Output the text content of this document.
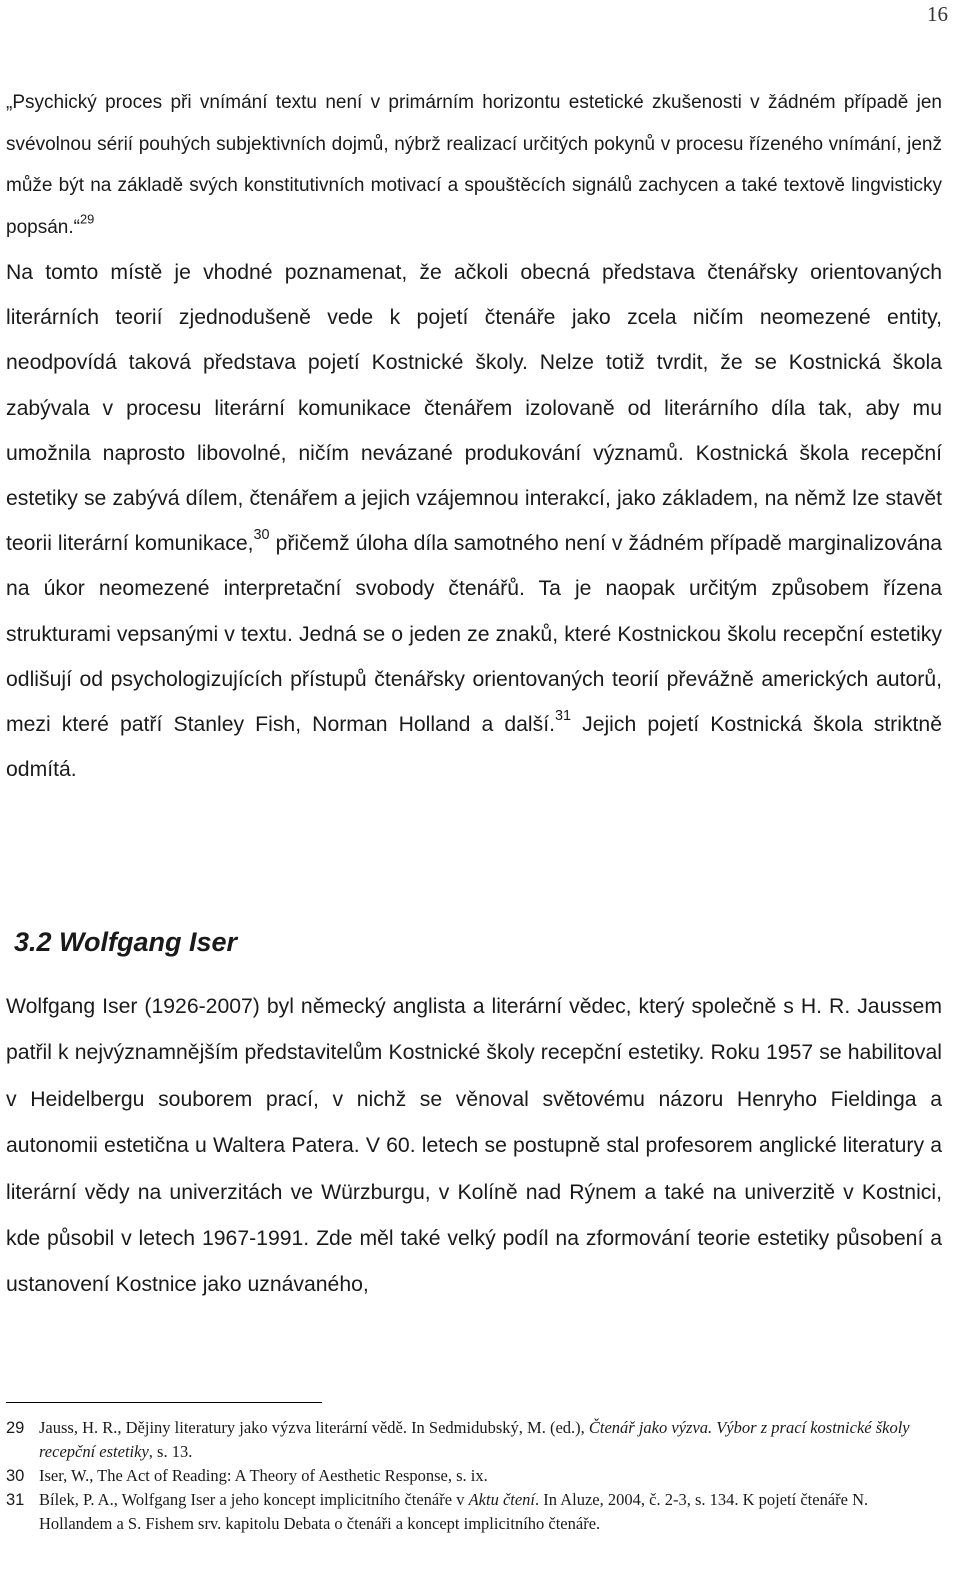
16

„Psychický proces při vnímání textu není v primárním horizontu estetické zkušenosti v žádném případě jen svévolnou sérií pouhých subjektivních dojmů, nýbrž realizací určitých pokynů v procesu řízeného vnímání, jenž může být na základě svých konstitutivních motivací a spouštěcích signálů zachycen a také textově lingvisticky popsán.“$^{29}$

Na tomto místě je vhodné poznamenat, že ačkoli obecná představa čtenářsky orientovaných literárních teorií zjednodušeně vede k pojetí čtenáře jako zcela ničím neomezené entity, neodpovídá taková představa pojetí Kostnické školy. Nelze totiž tvrdit, že se Kostnická škola zabývala v procesu literární komunikace čtenářem izolovaně od literárního díla tak, aby mu umožnila naprosto libovolné, ničím nevázané produkování významů. Kostnická škola recepční estetiky se zabývá dílem, čtenářem a jejich vzájemnou interakcí, jako základem, na němž lze stavět teorii literární komunikace,$^{30}$ přičemž úloha díla samotného není v žádném případě marginalizována na úkor neomezené interpretační svobody čtenářů. Ta je naopak určitým způsobem řízena strukturami vepsanými v textu. Jedná se o jeden ze znaků, které Kostnickou školu recepční estetiky odlišují od psychologizujících přístupů čtenářsky orientovaných teorií převážně amerických autorů, mezi které patří Stanley Fish, Norman Holland a další.$^{31}$ Jejich pojetí Kostnická škola striktně odmítá.

3.2 Wolfgang Iser

Wolfgang Iser (1926-2007) byl německý anglista a literární vědec, který společně s H. R. Jaussem patřil k nejvýznamnějším představitelům Kostnické školy recepční estetiky. Roku 1957 se habilitoval v Heidelbergu souborem prací, v nichž se věnoval světovému názoru Henryho Fieldinga a autonomii estetična u Waltera Patera. V 60. letech se postupně stal profesorem anglické literatury a literární vědy na univerzitách ve Würzburgu, v Kolíně nad Rýnem a také na univerzitě v Kostnici, kde působil v letech 1967-1991. Zde měl také velký podíl na zformování teorie estetiky působení a ustanovení Kostnice jako uznávaného,

29 Jauss, H. R., Dějiny literatury jako výzva literární vědě. In Sedmidubský, M. (ed.), Čtenář jako výzva. Výbor z prací kostnické školy recepční estetiky, s. 13.
30 Iser, W., The Act of Reading: A Theory of Aesthetic Response, s. ix.
31 Bílek, P. A., Wolfgang Iser a jeho koncept implicitního čtenáře v Aktu čtení. In Aluze, 2004, č. 2-3, s. 134. K pojetí čtenáře N. Hollandem a S. Fishem srv. kapitolu Debata o čtenáři a koncept implicitního čtenáře.
